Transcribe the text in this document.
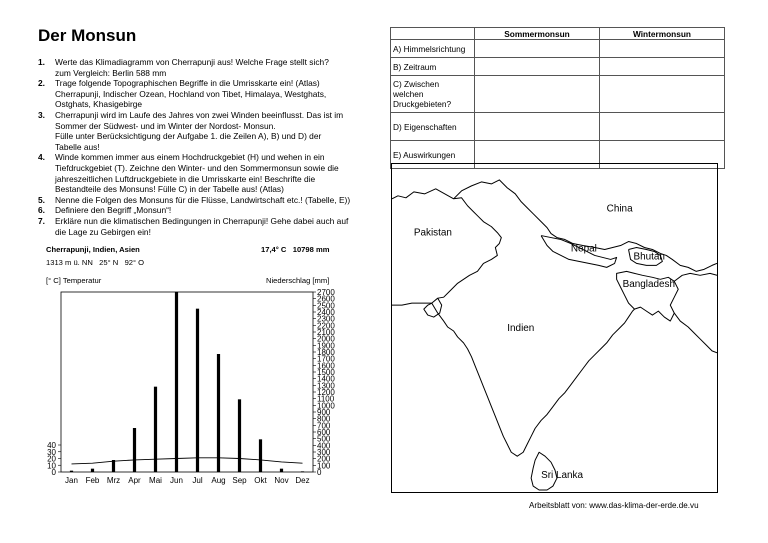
Der Monsun
1. Werte das Klimadiagramm von Cherrapunji aus! Welche Frage stellt sich?
zum Vergleich: Berlin 588 mm
2. Trage folgende Topographischen Begriffe in die Umrisskarte ein! (Atlas)
Cherrapunji, Indischer Ozean, Hochland von Tibet, Himalaya, Westghats,
Ostghats, Khasigebirge
3. Cherrapunji wird im Laufe des Jahres von zwei Winden beeinflusst. Das ist im
Sommer der Südwest- und im Winter der Nordost- Monsun.
Fülle unter Berücksichtigung der Aufgabe 1. die Zeilen A), B) und D) der
Tabelle aus!
4. Winde kommen immer aus einem Hochdruckgebiet (H) und wehen in ein
Tiefdruckgebiet (T). Zeichne den Winter- und den Sommermonsun sowie die
jahreszeitlichen Luftdruckgebiete in die Umrisskarte ein! Beschrifte die
Bestandteile des Monsuns! Fülle C) in der Tabelle aus! (Atlas)
5. Nenne die Folgen des Monsuns für die Flüsse, Landwirtschaft etc.! (Tabelle, E))
6. Definiere den Begriff „Monsun“!
7. Erkläre nun die klimatischen Bedingungen in Cherrapunji! Gehe dabei auch auf
die Lage zu Gebirgen ein!
Cherrapunji, Indien, Asien	17,4° C   10798 mm
1313 m ü. NN   25° N   92° O
[° C] Temperatur	Niederschlag [mm]
0
100
200
300
400
500
600
700
800
900
1000
1100
1200
1300
1400
1500
1600
1700
1800
1900
2000
2100
2200
2300
2400
2500
2600
2700
0
10
20
30
40
Jan Feb Mrz Apr Mai Jun Jul Aug Sep Okt Nov Dez
	Sommermonsun	Wintermonsun
A) Himmelsrichtung		
B) Zeitraum		
C) Zwischen
welchen
Druckgebieten?		
D) Eigenschaften		
E) Auswirkungen		
China
Pakistan
Nepal
Bhutan
Bangladesh
Indien
Sri Lanka
Arbeitsblatt von: www.das-klima-der-erde.de.vu
